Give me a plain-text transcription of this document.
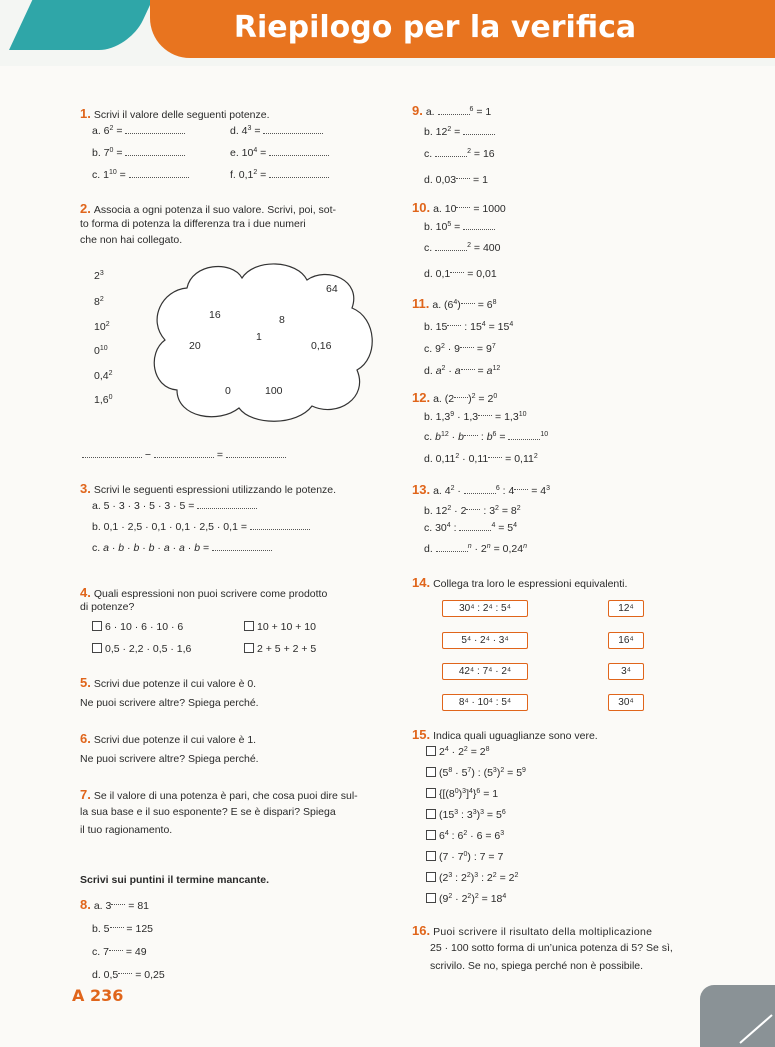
Riepilogo per la verifica
1. Scrivi il valore delle seguenti potenze.
a. $6^2$ =	d. $4^3$ =
b. $7^0$ =	e. $10^4$ =
c. $1^{10}$ =	f. $0,1^2$ =
2. Associa a ogni potenza il suo valore. Scrivi, poi, sot-
to forma di potenza la differenza tra i due numeri
che non hai collegato.
$2^3$
$8^2$
$10^2$
$0^{10}$
$0,4^2$
$1,6^0$
64
16	8
1
20	0,16
0	100
−	=
3. Scrivi le seguenti espressioni utilizzando le potenze.
a. 5 · 3 · 3 · 5 · 3 · 5 =
b. 0,1 · 2,5 · 0,1 · 0,1 · 2,5 · 0,1 =
c. a · b · b · b · a · a · b =
4. Quali espressioni non puoi scrivere come prodotto
di potenze?
6 · 10 · 6 · 10 · 6	10 + 10 + 10
0,5 · 2,2 · 0,5 · 1,6	2 + 5 + 2 + 5
5. Scrivi due potenze il cui valore è 0.
Ne puoi scrivere altre? Spiega perché.
6. Scrivi due potenze il cui valore è 1.
Ne puoi scrivere altre? Spiega perché.
7. Se il valore di una potenza è pari, che cosa puoi dire sul-
la sua base e il suo esponente? E se è dispari? Spiega
il tuo ragionamento.
Scrivi sui puntini il termine mancante.
8. a. 3 = 81
b. 5 = 125
c. 7 = 49
d. 0,5 = 0,25
A 236
9. a.	$^6$ = 1
b. $12^2$ =
c.	$^2$ = 16
d. 0,03 = 1
10. a. 10 = 1000
b. $10^5$ =
c.	$^2$ = 400
d. 0,1 = 0,01
11. a. $(6^4) = 6^8$
b. 15 : $15^4 = 15^4$
c. $9^2 \cdot 9 = 9^7$
d. $a^2 \cdot a = a^{12}$
12. a. (2 )$^2 = 2^0$
b. $1,3^9 \cdot 1,3 = 1,3^{10}$
c. $b^{12} \cdot b$ : $b^6$ =	$^{10}$
d. $0,11^2 \cdot 0,11 = 0,11^2$
13. a. $4^2$ ·	$^6$ : $4 = 4^3$
b. $12^2 \cdot 2$ : $3^2 = 8^2$
c. $30^4$ :	$^4 = 5^4$
d.	$^n \cdot 2^n = 0,24^n$
14. Collega tra loro le espressioni equivalenti.
30⁴ : 2⁴ : 5⁴
5⁴ · 2⁴ · 3⁴
42⁴ : 7⁴ · 2⁴
8⁴ · 10⁴ : 5⁴
12⁴
16⁴
3⁴
30⁴
15. Indica quali uguaglianze sono vere.
$2^4 \cdot 2^2 = 2^8$
$(5^8 \cdot 5^7)$ : $(5^3)^2 = 5^9$
$\{[(8^0)^3]^4\}^6 = 1$
($15^3$ : $3^3)^3 = 5^6$
$6^4$ : $6^2 \cdot 6 = 6^3$
$(7 \cdot 7^0)$ : 7 = 7
($2^3$ : $2^2)^3$ : $2^2 = 2^2$
$(9^2 \cdot 2^2)^2 = 18^4$
16. Puoi scrivere il risultato della moltiplicazione
25 · 100 sotto forma di un’unica potenza di 5? Se sì,
scrivilo. Se no, spiega perché non è possibile.
